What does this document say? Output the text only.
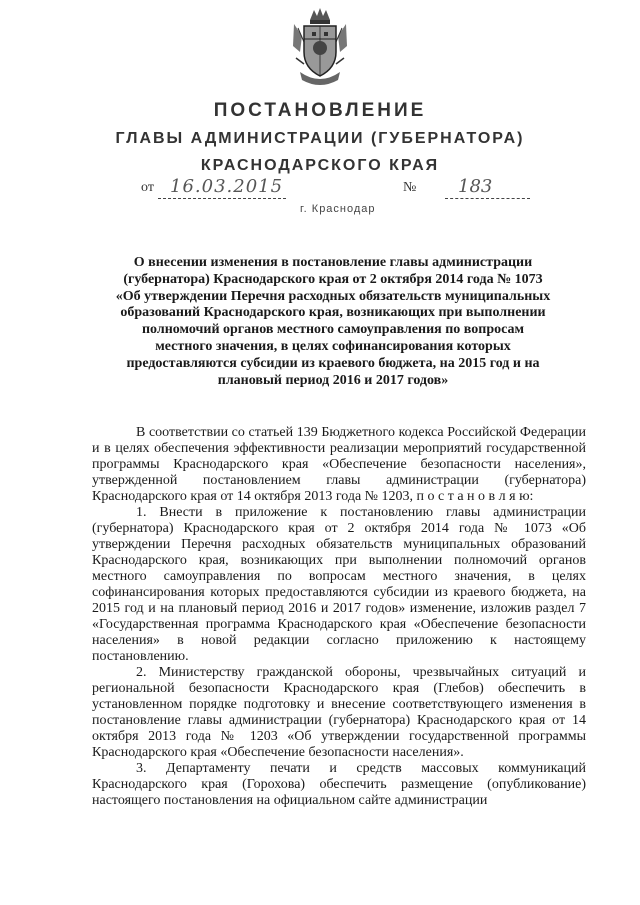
ПОСТАНОВЛЕНИЕ
ГЛАВЫ АДМИНИСТРАЦИИ (ГУБЕРНАТОРА)
КРАСНОДАРСКОГО КРАЯ
от 16.03.2015	№ 183
г. Краснодар
О внесении изменения в постановление главы администрации
(губернатора) Краснодарского края от 2 октября 2014 года № 1073
«Об утверждении Перечня расходных обязательств муниципальных
образований Краснодарского края, возникающих при выполнении
полномочий органов местного самоуправления по вопросам
местного значения, в целях софинансирования которых
предоставляются субсидии из краевого бюджета, на 2015 год и на
плановый период 2016 и 2017 годов»

В соответствии со статьей 139 Бюджетного кодекса Российской Федерации и в целях обеспечения эффективности реализации мероприятий государственной программы Краснодарского края «Обеспечение безопасности населения», утвержденной постановлением главы администрации (губернатора) Краснодарского края от 14 октября 2013 года № 1203, п о с т а н о в л я ю:

1. Внести в приложение к постановлению главы администрации (губернатора) Краснодарского края от 2 октября 2014 года № 1073 «Об утверждении Перечня расходных обязательств муниципальных образований Краснодарского края, возникающих при выполнении полномочий органов местного самоуправления по вопросам местного значения, в целях софинансирования которых предоставляются субсидии из краевого бюджета, на 2015 год и на плановый период 2016 и 2017 годов» изменение, изложив раздел 7 «Государственная программа Краснодарского края «Обеспечение безопасности населения» в новой редакции согласно приложению к настоящему постановлению.

2. Министерству гражданской обороны, чрезвычайных ситуаций и региональной безопасности Краснодарского края (Глебов) обеспечить в установленном порядке подготовку и внесение соответствующего изменения в постановление главы администрации (губернатора) Краснодарского края от 14 октября 2013 года № 1203 «Об утверждении государственной программы Краснодарского края «Обеспечение безопасности населения».

3. Департаменту печати и средств массовых коммуникаций Краснодарского края (Горохова) обеспечить размещение (опубликование) настоящего постановления на официальном сайте администрации
